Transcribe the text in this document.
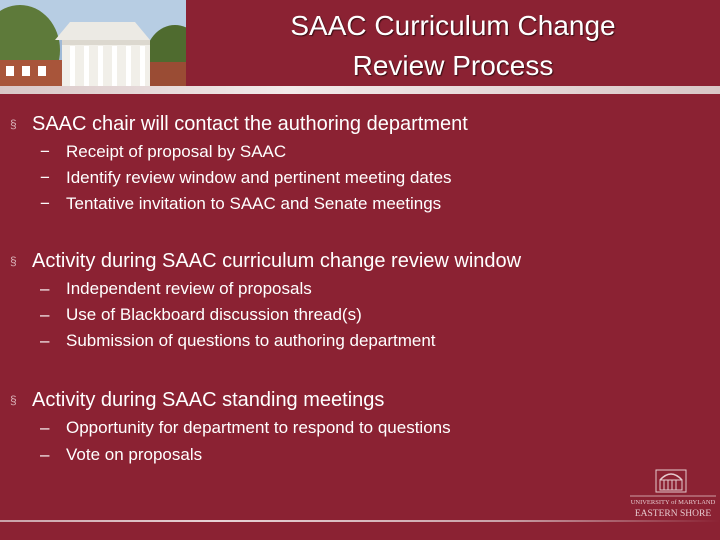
SAAC Curriculum Change
Review Process
§ SAAC chair will contact the authoring department
− Receipt of proposal by SAAC
− Identify review window and pertinent meeting dates
− Tentative invitation to SAAC and Senate meetings
§ Activity during SAAC curriculum change review window
– Independent review of proposals
– Use of Blackboard discussion thread(s)
– Submission of questions to authoring department
§ Activity during SAAC standing meetings
– Opportunity for department to respond to questions
– Vote on proposals
UNIVERSITY of MARYLAND
EASTERN SHORE
